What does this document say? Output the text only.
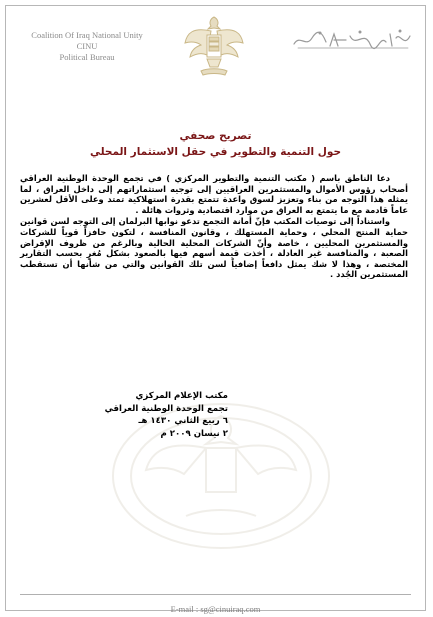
Coalition Of Iraq National Unity
CINU
Political Bureau
تصريح صحفي
حول التنمية والتطوير في حقل الاستثمار المحلي

دعا الناطق باسم ( مكتب التنمية والتطوير المركزي ) في تجمع الوحدة الوطنية العراقي أصحاب رؤوس الأموال والمستثمرين العراقيين إلى توجيه استثماراتهم إلى داخل العراق ، لما يمثله هذا التوجه من بناء وتعزيز لسوق واعدة تتمتع بقدرة استهلاكية تمتد وعلى الأقل لعشرين عاماً قادمة مع ما يتمتع به العراق من موارد اقتصادية وثروات هائلة .

واستناداً إلى توصيات المكتب فإنّ أمانة التجمع تدعو نوابها البرلمان إلى التوجه لسن قوانين حماية المنتج المحلي ، وحماية المستهلك ، وقانون المنافسة ، لتكون حافزاً قوياً للشركات والمستثمرين المحليين ، خاصة وأنّ الشركات المحلية الحالية وبالرغم من ظروف الإقراض الصعبة ، والمنافسة غير العادلة ، أخذت قيمة أسهم فيها بالصعود بشكل مُغرٍ بحسب التقارير المختصة ، وهذا لا شك يمثل دافعاً إضافياً لسن تلك القوانين والتي من شأنها أن تستقطب المستثمرين الجُدد .

مكتب الإعلام المركزي
تجمع الوحدة الوطنية العراقي
٦ ربيع الثاني ١٤٣٠ هـ
٢ نيسان ٢٠٠٩ م
E-mail : sg@cinuiraq.com
